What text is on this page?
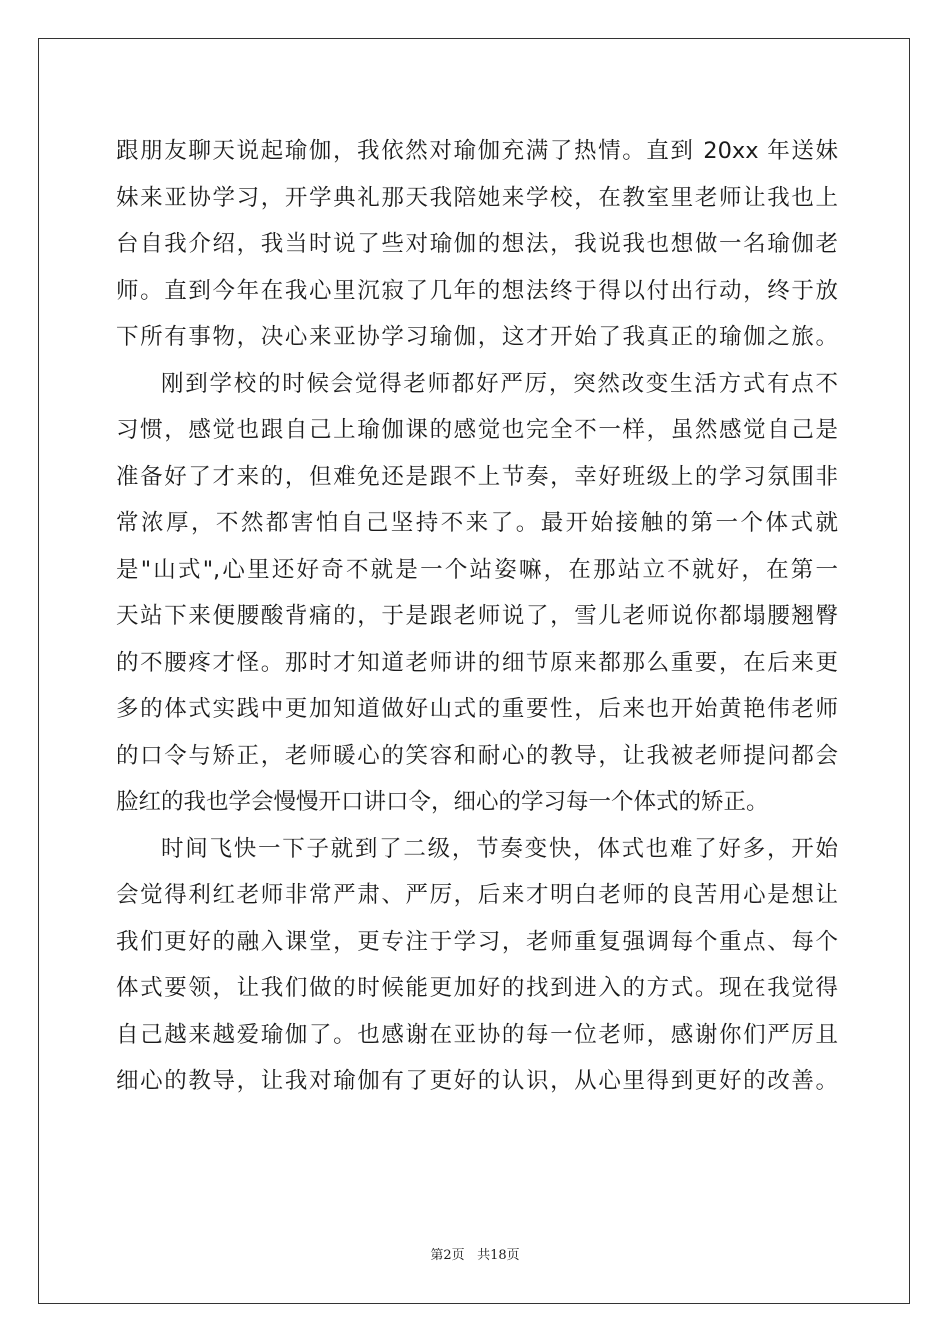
跟朋友聊天说起瑜伽，我依然对瑜伽充满了热情。直到 20xx 年送妹
妹来亚协学习，开学典礼那天我陪她来学校，在教室里老师让我也上
台自我介绍，我当时说了些对瑜伽的想法，我说我也想做一名瑜伽老
师。直到今年在我心里沉寂了几年的想法终于得以付出行动，终于放
下所有事物，决心来亚协学习瑜伽，这才开始了我真正的瑜伽之旅。
刚到学校的时候会觉得老师都好严厉，突然改变生活方式有点不
习惯，感觉也跟自己上瑜伽课的感觉也完全不一样，虽然感觉自己是
准备好了才来的，但难免还是跟不上节奏，幸好班级上的学习氛围非
常浓厚，不然都害怕自己坚持不来了。最开始接触的第一个体式就
是"山式",心里还好奇不就是一个站姿嘛，在那站立不就好，在第一
天站下来便腰酸背痛的，于是跟老师说了，雪儿老师说你都塌腰翘臀
的不腰疼才怪。那时才知道老师讲的细节原来都那么重要，在后来更
多的体式实践中更加知道做好山式的重要性，后来也开始黄艳伟老师
的口令与矫正，老师暖心的笑容和耐心的教导，让我被老师提问都会
脸红的我也学会慢慢开口讲口令，细心的学习每一个体式的矫正。
时间飞快一下子就到了二级，节奏变快，体式也难了好多，开始
会觉得利红老师非常严肃、严厉，后来才明白老师的良苦用心是想让
我们更好的融入课堂，更专注于学习，老师重复强调每个重点、每个
体式要领，让我们做的时候能更加好的找到进入的方式。现在我觉得
自己越来越爱瑜伽了。也感谢在亚协的每一位老师，感谢你们严厉且
细心的教导，让我对瑜伽有了更好的认识，从心里得到更好的改善。
第2页 共18页
